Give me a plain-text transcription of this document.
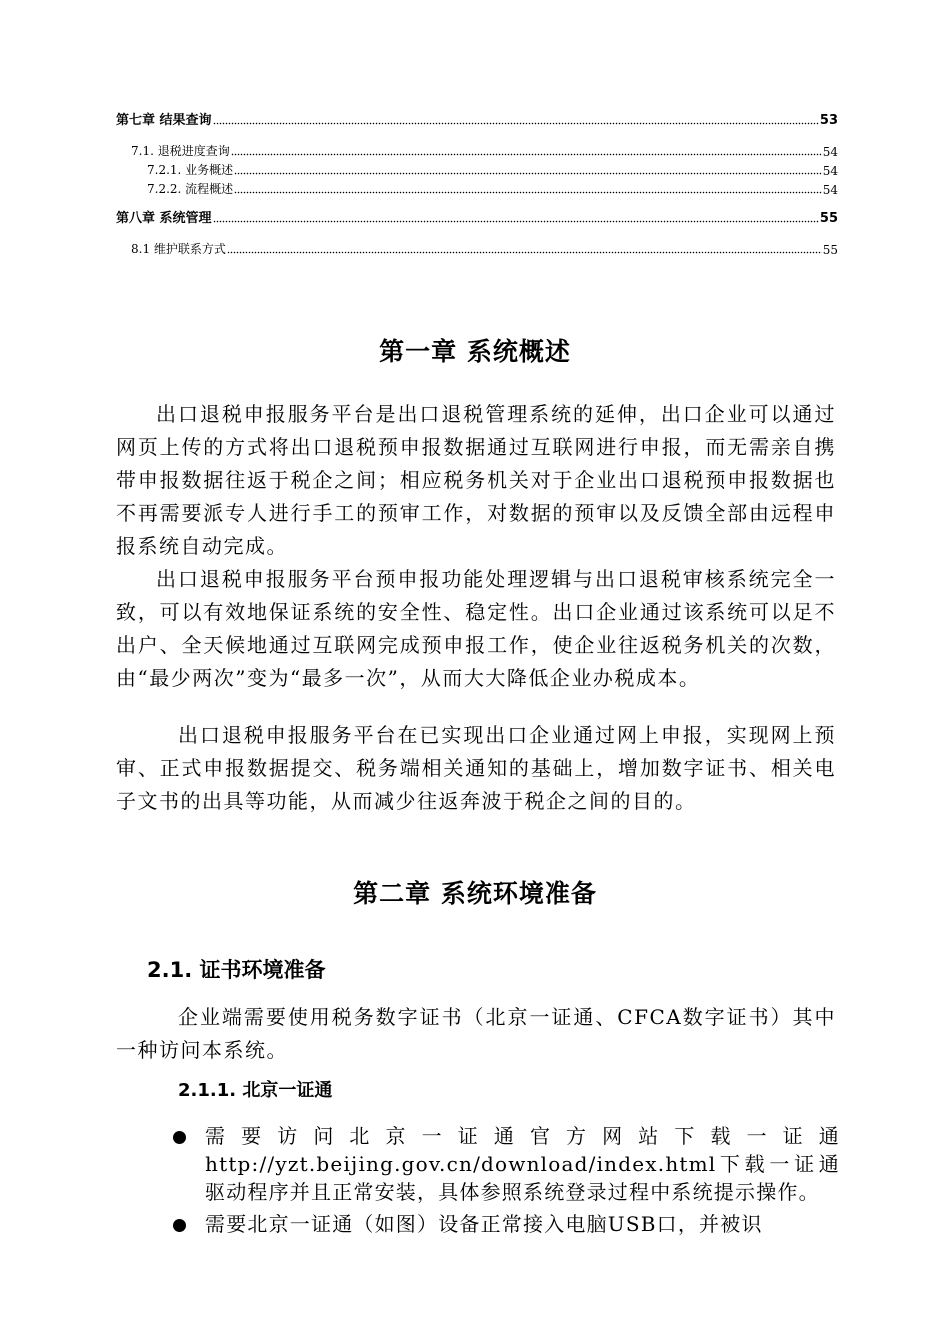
第七章 结果查询	53
7.1. 退税进度查询	54
7.2.1. 业务概述	54
7.2.2. 流程概述	54
第八章 系统管理	55
8.1 维护联系方式	55
第一章 系统概述

出口退税申报服务平台是出口退税管理系统的延伸，出口企业可以通过网页上传的方式将出口退税预申报数据通过互联网进行申报，而无需亲自携带申报数据往返于税企之间；相应税务机关对于企业出口退税预申报数据也不再需要派专人进行手工的预审工作，对数据的预审以及反馈全部由远程申报系统自动完成。

出口退税申报服务平台预申报功能处理逻辑与出口退税审核系统完全一致，可以有效地保证系统的安全性、稳定性。出口企业通过该系统可以足不出户、全天候地通过互联网完成预申报工作，使企业往返税务机关的次数，由“最少两次”变为“最多一次”，从而大大降低企业办税成本。

出口退税申报服务平台在已实现出口企业通过网上申报，实现网上预审、正式申报数据提交、税务端相关通知的基础上，增加数字证书、相关电子文书的出具等功能，从而减少往返奔波于税企之间的目的。

第二章 系统环境准备
2.1. 证书环境准备

企业端需要使用税务数字证书（北京一证通、CFCA数字证书）其中一种访问本系统。

2.1.1. 北京一证通
需要访问北京一证通官方网站下载一证通 http://yzt.beijing.gov.cn/download/index.html下载一证通驱动程序并且正常安装，具体参照系统登录过程中系统提示操作。
需要北京一证通（如图）设备正常接入电脑USB口，并被识
